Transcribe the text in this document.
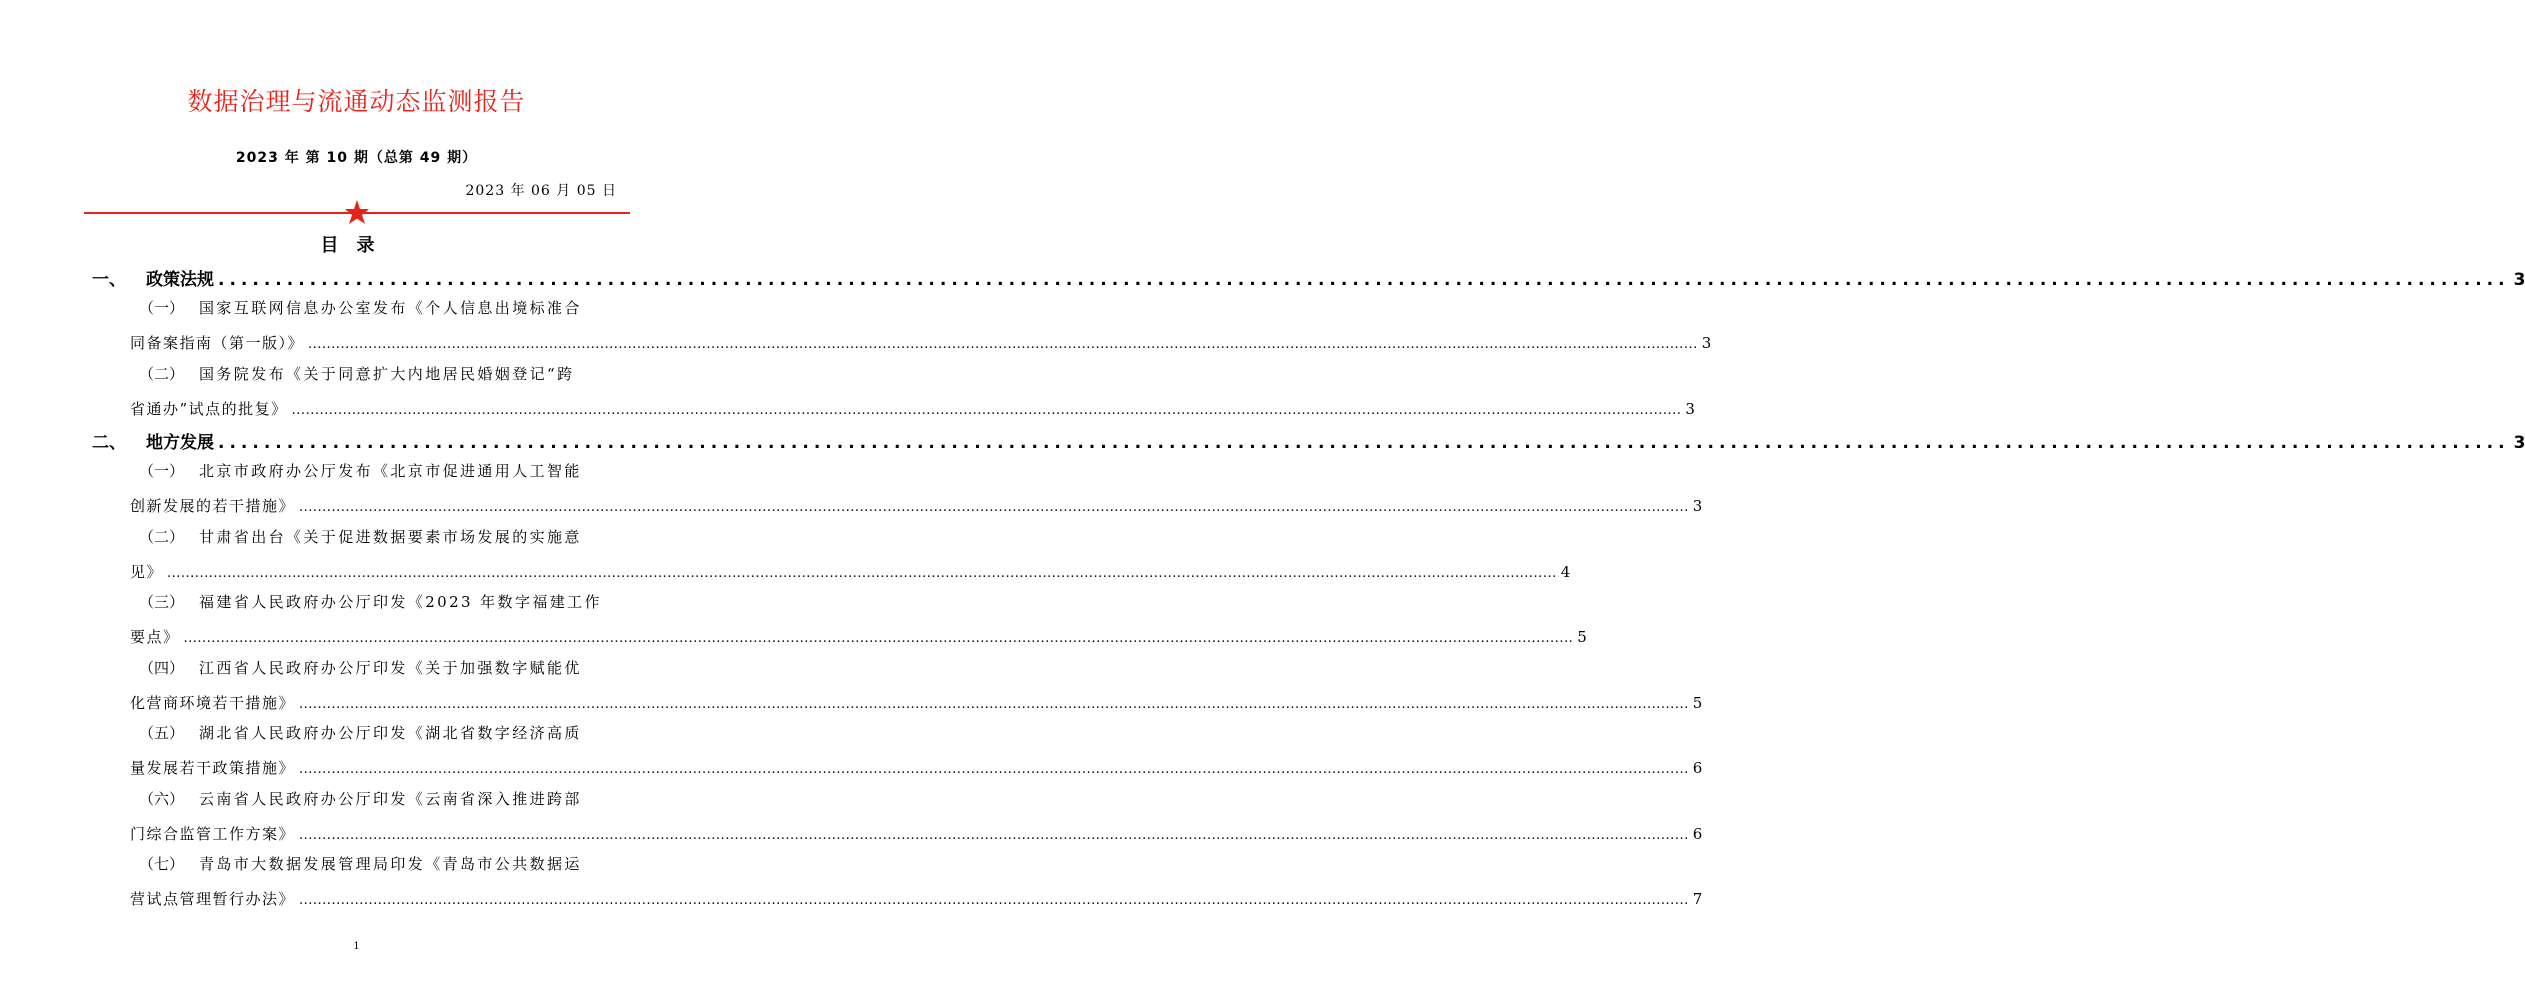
数据治理与流通动态监测报告
2023 年 第 10 期（总第 49 期）
2023 年 06 月 05 日
目录
一、 政策法规 ........................................................................................................................................................................................................ 3
（一） 国家互联网信息办公室发布《个人信息出境标准合
同备案指南（第一版）》 ............................................................................................................................................................................................................................................................................................................ 3
（二） 国务院发布《关于同意扩大内地居民婚姻登记“跨
省通办”试点的批复》 ............................................................................................................................................................................................................................................................................................................ 3
二、 地方发展 ........................................................................................................................................................................................................ 3
（一） 北京市政府办公厅发布《北京市促进通用人工智能
创新发展的若干措施》 ............................................................................................................................................................................................................................................................................................................ 3
（二） 甘肃省出台《关于促进数据要素市场发展的实施意
见》 ............................................................................................................................................................................................................................................................................................................ 4
（三） 福建省人民政府办公厅印发《2023 年数字福建工作
要点》 ............................................................................................................................................................................................................................................................................................................ 5
（四） 江西省人民政府办公厅印发《关于加强数字赋能优
化营商环境若干措施》 ............................................................................................................................................................................................................................................................................................................ 5
（五） 湖北省人民政府办公厅印发《湖北省数字经济高质
量发展若干政策措施》 ............................................................................................................................................................................................................................................................................................................ 6
（六） 云南省人民政府办公厅印发《云南省深入推进跨部
门综合监管工作方案》 ............................................................................................................................................................................................................................................................................................................ 6
（七） 青岛市大数据发展管理局印发《青岛市公共数据运
营试点管理暂行办法》 ............................................................................................................................................................................................................................................................................................................ 7
1
